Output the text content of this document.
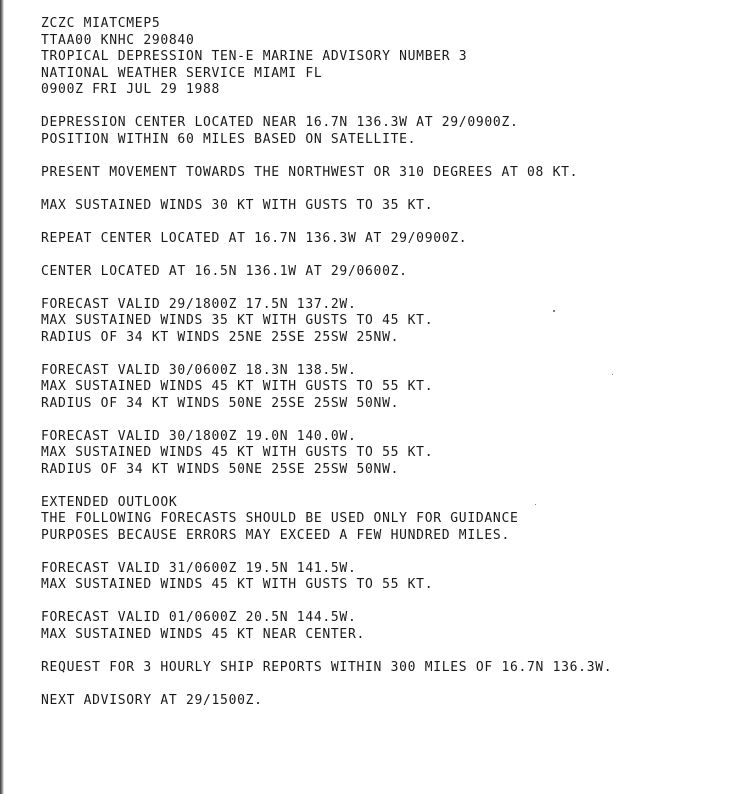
ZCZC MIATCMEP5
TTAA00 KNHC 290840
TROPICAL DEPRESSION TEN-E MARINE ADVISORY NUMBER 3
NATIONAL WEATHER SERVICE MIAMI FL
0900Z FRI JUL 29 1988
DEPRESSION CENTER LOCATED NEAR 16.7N 136.3W AT 29/0900Z.
POSITION WITHIN 60 MILES BASED ON SATELLITE.
PRESENT MOVEMENT TOWARDS THE NORTHWEST OR 310 DEGREES AT 08 KT.
MAX SUSTAINED WINDS 30 KT WITH GUSTS TO 35 KT.
REPEAT CENTER LOCATED AT 16.7N 136.3W AT 29/0900Z.
CENTER LOCATED AT 16.5N 136.1W AT 29/0600Z.
FORECAST VALID 29/1800Z 17.5N 137.2W.
MAX SUSTAINED WINDS 35 KT WITH GUSTS TO 45 KT.
RADIUS OF 34 KT WINDS 25NE 25SE 25SW 25NW.
FORECAST VALID 30/0600Z 18.3N 138.5W.
MAX SUSTAINED WINDS 45 KT WITH GUSTS TO 55 KT.
RADIUS OF 34 KT WINDS 50NE 25SE 25SW 50NW.
FORECAST VALID 30/1800Z 19.0N 140.0W.
MAX SUSTAINED WINDS 45 KT WITH GUSTS TO 55 KT.
RADIUS OF 34 KT WINDS 50NE 25SE 25SW 50NW.
EXTENDED OUTLOOK
THE FOLLOWING FORECASTS SHOULD BE USED ONLY FOR GUIDANCE
PURPOSES BECAUSE ERRORS MAY EXCEED A FEW HUNDRED MILES.
FORECAST VALID 31/0600Z 19.5N 141.5W.
MAX SUSTAINED WINDS 45 KT WITH GUSTS TO 55 KT.
FORECAST VALID 01/0600Z 20.5N 144.5W.
MAX SUSTAINED WINDS 45 KT NEAR CENTER.
REQUEST FOR 3 HOURLY SHIP REPORTS WITHIN 300 MILES OF 16.7N 136.3W.
NEXT ADVISORY AT 29/1500Z.
